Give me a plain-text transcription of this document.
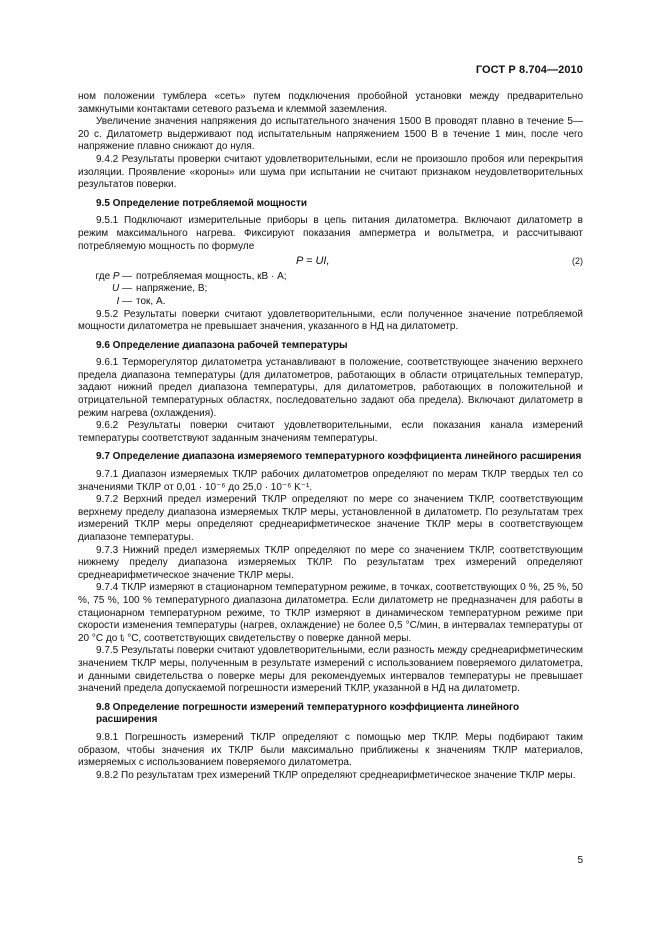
ГОСТ Р 8.704—2010

ном положении тумблера «сеть» путем подключения пробойной установки между предварительно замкнутыми контактами сетевого разъема и клеммой заземления.

Увеличение значения напряжения до испытательного значения 1500 В проводят плавно в течение 5—20 с. Дилатометр выдерживают под испытательным напряжением 1500 В в течение 1 мин, после чего напряжение плавно снижают до нуля.

9.4.2 Результаты проверки считают удовлетворительными, если не произошло пробоя или перекрытия изоляции. Проявление «короны» или шума при испытании не считают признаком неудовлетворительных результатов поверки.

9.5 Определение потребляемой мощности

9.5.1 Подключают измерительные приборы в цепь питания дилатометра. Включают дилатометр в режим максимального нагрева. Фиксируют показания амперметра и вольтметра, и рассчитывают потребляемую мощность по формуле

P = UI,	(2)
где P — потребляемая мощность, кВ · А;
U — напряжение, В;
I — ток, А.

9.5.2 Результаты поверки считают удовлетворительными, если полученное значение потребляемой мощности дилатометра не превышает значения, указанного в НД на дилатометр.

9.6 Определение диапазона рабочей температуры

9.6.1 Терморегулятор дилатометра устанавливают в положение, соответствующее значению верхнего предела диапазона температуры (для дилатометров, работающих в области отрицательных температур, задают нижний предел диапазона температуры, для дилатометров, работающих в положительной и отрицательной температурных областях, последовательно задают оба предела). Включают дилатометр в режим нагрева (охлаждения).

9.6.2 Результаты поверки считают удовлетворительными, если показания канала измерений температуры соответствуют заданным значениям температуры.

9.7 Определение диапазона измеряемого температурного коэффициента линейного расширения

9.7.1 Диапазон измеряемых ТКЛР рабочих дилатометров определяют по мерам ТКЛР твердых тел со значениями ТКЛР от 0,01 · 10⁻⁶ до 25,0 · 10⁻⁶ K⁻¹.

9.7.2 Верхний предел измерений ТКЛР определяют по мере со значением ТКЛР, соответствующим верхнему пределу диапазона измеряемых ТКЛР меры, установленной в дилатометр. По результатам трех измерений ТКЛР меры определяют среднеарифметическое значение ТКЛР меры в соответствующем диапазоне температуры.

9.7.3 Нижний предел измеряемых ТКЛР определяют по мере со значением ТКЛР, соответствующим нижнему пределу диапазона измеряемых ТКЛР. По результатам трех измерений определяют среднеарифметическое значение ТКЛР меры.

9.7.4 ТКЛР измеряют в стационарном температурном режиме, в точках, соответствующих 0 %, 25 %, 50 %, 75 %, 100 % температурного диапазона дилатометра. Если дилатометр не предназначен для работы в стационарном температурном режиме, то ТКЛР измеряют в динамическом температурном режиме при скорости изменения температуры (нагрев, охлаждение) не более 0,5 °С/мин, в интервалах температуры от 20 °С до tᵢ °С, соответствующих свидетельству о поверке данной меры.

9.7.5 Результаты поверки считают удовлетворительными, если разность между среднеарифметическим значением ТКЛР меры, полученным в результате измерений с использованием поверяемого дилатометра, и данными свидетельства о поверке меры для рекомендуемых интервалов температуры не превышает значений предела допускаемой погрешности измерений ТКЛР, указанной в НД на дилатометр.

9.8 Определение погрешности измерений температурного коэффициента линейного расширения

9.8.1 Погрешность измерений ТКЛР определяют с помощью мер ТКЛР. Меры подбирают таким образом, чтобы значения их ТКЛР были максимально приближены к значениям ТКЛР материалов, измеряемых с использованием поверяемого дилатометра.

9.8.2 По результатам трех измерений ТКЛР определяют среднеарифметическое значение ТКЛР меры.

5
